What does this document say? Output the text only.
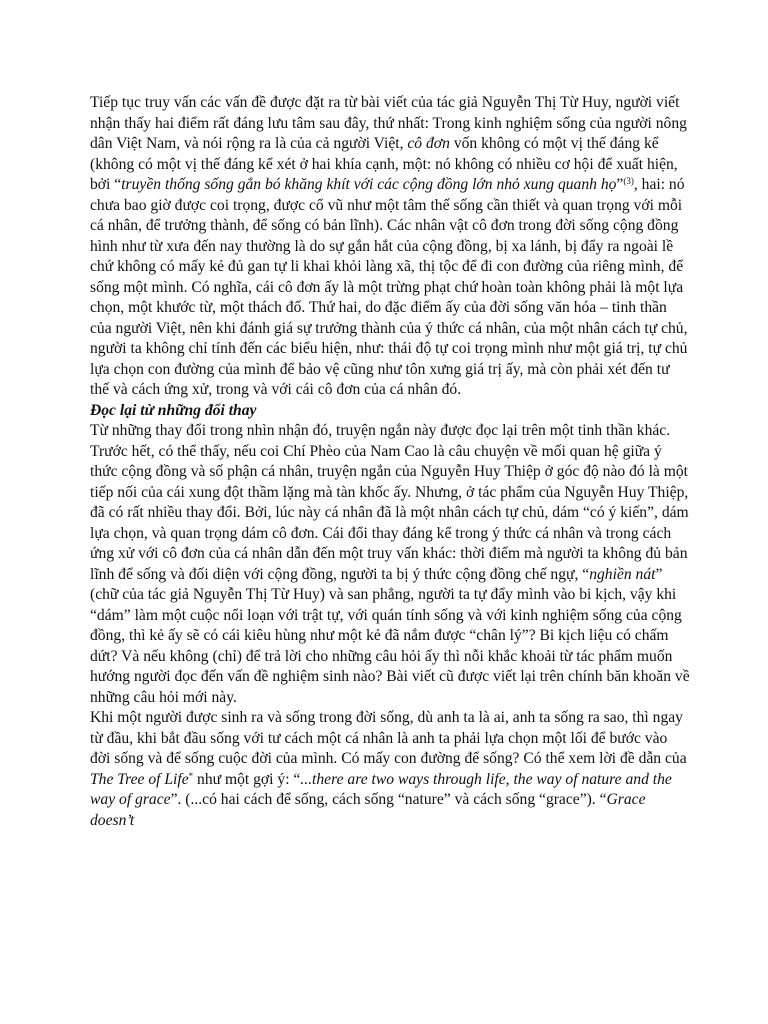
Tiếp tục truy vấn các vấn đề được đặt ra từ bài viết của tác giả Nguyễn Thị Từ Huy, người viết nhận thấy hai điểm rất đáng lưu tâm sau đây, thứ nhất: Trong kinh nghiệm sống của người nông dân Việt Nam, và nói rộng ra là của cả người Việt, cô đơn vốn không có một vị thế đáng kể (không có một vị thế đáng kể xét ở hai khía cạnh, một: nó không có nhiều cơ hội để xuất hiện, bởi “truyền thống sống gắn bó khăng khít với các cộng đồng lớn nhỏ xung quanh họ”$^{(3)}$, hai: nó chưa bao giờ được coi trọng, được cổ vũ như một tâm thế sống cần thiết và quan trọng với mỗi cá nhân, để trưởng thành, để sống có bản lĩnh). Các nhân vật cô đơn trong đời sống cộng đồng hình như từ xưa đến nay thường là do sự gắn hắt của cộng đồng, bị xa lánh, bị đẩy ra ngoài lề chứ không có mấy kẻ đủ gan tự li khai khỏi làng xã, thị tộc để đi con đường của riêng mình, để sống một mình. Có nghĩa, cái cô đơn ấy là một trừng phạt chứ hoàn toàn không phải là một lựa chọn, một khước từ, một thách đố. Thứ hai, do đặc điểm ấy của đời sống văn hóa – tinh thần của người Việt, nên khi đánh giá sự trưởng thành của ý thức cá nhân, của một nhân cách tự chủ, người ta không chỉ tính đến các biểu hiện, như: thái độ tự coi trọng mình như một giá trị, tự chủ lựa chọn con đường của mình để bảo vệ cũng như tôn xưng giá trị ấy, mà còn phải xét đến tư thế và cách ứng xử, trong và với cái cô đơn của cá nhân đó.

Đọc lại từ những đổi thay

Từ những thay đổi trong nhìn nhận đó, truyện ngắn này được đọc lại trên một tinh thần khác. Trước hết, có thể thấy, nếu coi Chí Phèo của Nam Cao là câu chuyện về mối quan hệ giữa ý thức cộng đồng và số phận cá nhân, truyện ngắn của Nguyễn Huy Thiệp ở góc độ nào đó là một tiếp nối của cái xung đột thầm lặng mà tàn khốc ấy. Nhưng, ở tác phẩm của Nguyễn Huy Thiệp, đã có rất nhiều thay đổi. Bởi, lúc này cá nhân đã là một nhân cách tự chủ, dám “có ý kiến”, dám lựa chọn, và quan trọng dám cô đơn. Cái đổi thay đáng kể trong ý thức cá nhân và trong cách ứng xử với cô đơn của cá nhân dẫn đến một truy vấn khác: thời điểm mà người ta không đủ bản lĩnh để sống và đối diện với cộng đồng, người ta bị ý thức cộng đồng chế ngự, “nghiền nát” (chữ của tác giả Nguyễn Thị Từ Huy) và san phẳng, người ta tự đẩy mình vào bi kịch, vậy khi “dám” làm một cuộc nổi loạn với trật tự, với quán tính sống và với kinh nghiệm sống của cộng đồng, thì kẻ ấy sẽ có cái kiêu hùng như một kẻ đã nắm được “chân lý”? Bi kịch liệu có chấm dứt? Và nếu không (chỉ) để trả lời cho những câu hỏi ấy thì nỗi khắc khoải từ tác phẩm muốn hướng người đọc đến vấn đề nghiệm sinh nào? Bài viết cũ được viết lại trên chính băn khoăn về những câu hỏi mới này.

Khi một người được sinh ra và sống trong đời sống, dù anh ta là ai, anh ta sống ra sao, thì ngay từ đầu, khi bắt đầu sống với tư cách một cá nhân là anh ta phải lựa chọn một lối để bước vào đời sống và để sống cuộc đời của mình. Có mấy con đường để sống? Có thể xem lời đề dẫn của The Tree of Life* như một gợi ý: “...there are two ways through life, the way of nature and the way of grace”. (...có hai cách để sống, cách sống “nature” và cách sống “grace”). “Grace doesn’t
